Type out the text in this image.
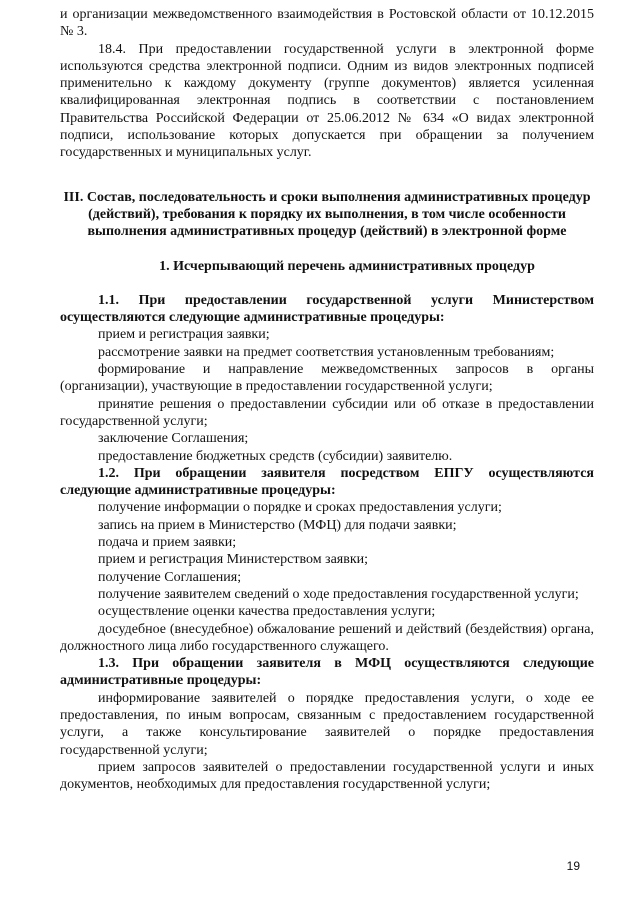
и организации межведомственного взаимодействия в Ростовской области от 10.12.2015 № 3.

18.4. При предоставлении государственной услуги в электронной форме используются средства электронной подписи. Одним из видов электронных подписей применительно к каждому документу (группе документов) является усиленная квалифицированная электронная подпись в соответствии с постановлением Правительства Российской Федерации от 25.06.2012 № 634 «О видах электронной подписи, использование которых допускается при обращении за получением государственных и муниципальных услуг.

III. Состав, последовательность и сроки выполнения административных процедур (действий), требования к порядку их выполнения, в том числе особенности выполнения административных процедур (действий) в электронной форме

1. Исчерпывающий перечень административных процедур

1.1. При предоставлении государственной услуги Министерством осуществляются следующие административные процедуры:

прием и регистрация заявки;

рассмотрение заявки на предмет соответствия установленным требованиям;

формирование и направление межведомственных запросов в органы (организации), участвующие в предоставлении государственной услуги;

принятие решения о предоставлении субсидии или об отказе в предоставлении государственной услуги;

заключение Соглашения;

предоставление бюджетных средств (субсидии) заявителю.

1.2. При обращении заявителя посредством ЕПГУ осуществляются следующие административные процедуры:

получение информации о порядке и сроках предоставления услуги;

запись на прием в Министерство (МФЦ) для подачи заявки;

подача и прием заявки;

прием и регистрация Министерством заявки;

получение Соглашения;

получение заявителем сведений о ходе предоставления государственной услуги;

осуществление оценки качества предоставления услуги;

досудебное (внесудебное) обжалование решений и действий (бездействия) органа, должностного лица либо государственного служащего.

1.3. При обращении заявителя в МФЦ осуществляются следующие административные процедуры:

информирование заявителей о порядке предоставления услуги, о ходе ее предоставления, по иным вопросам, связанным с предоставлением государственной услуги, а также консультирование заявителей о порядке предоставления государственной услуги;

прием запросов заявителей о предоставлении государственной услуги и иных документов, необходимых для предоставления государственной услуги;

19
